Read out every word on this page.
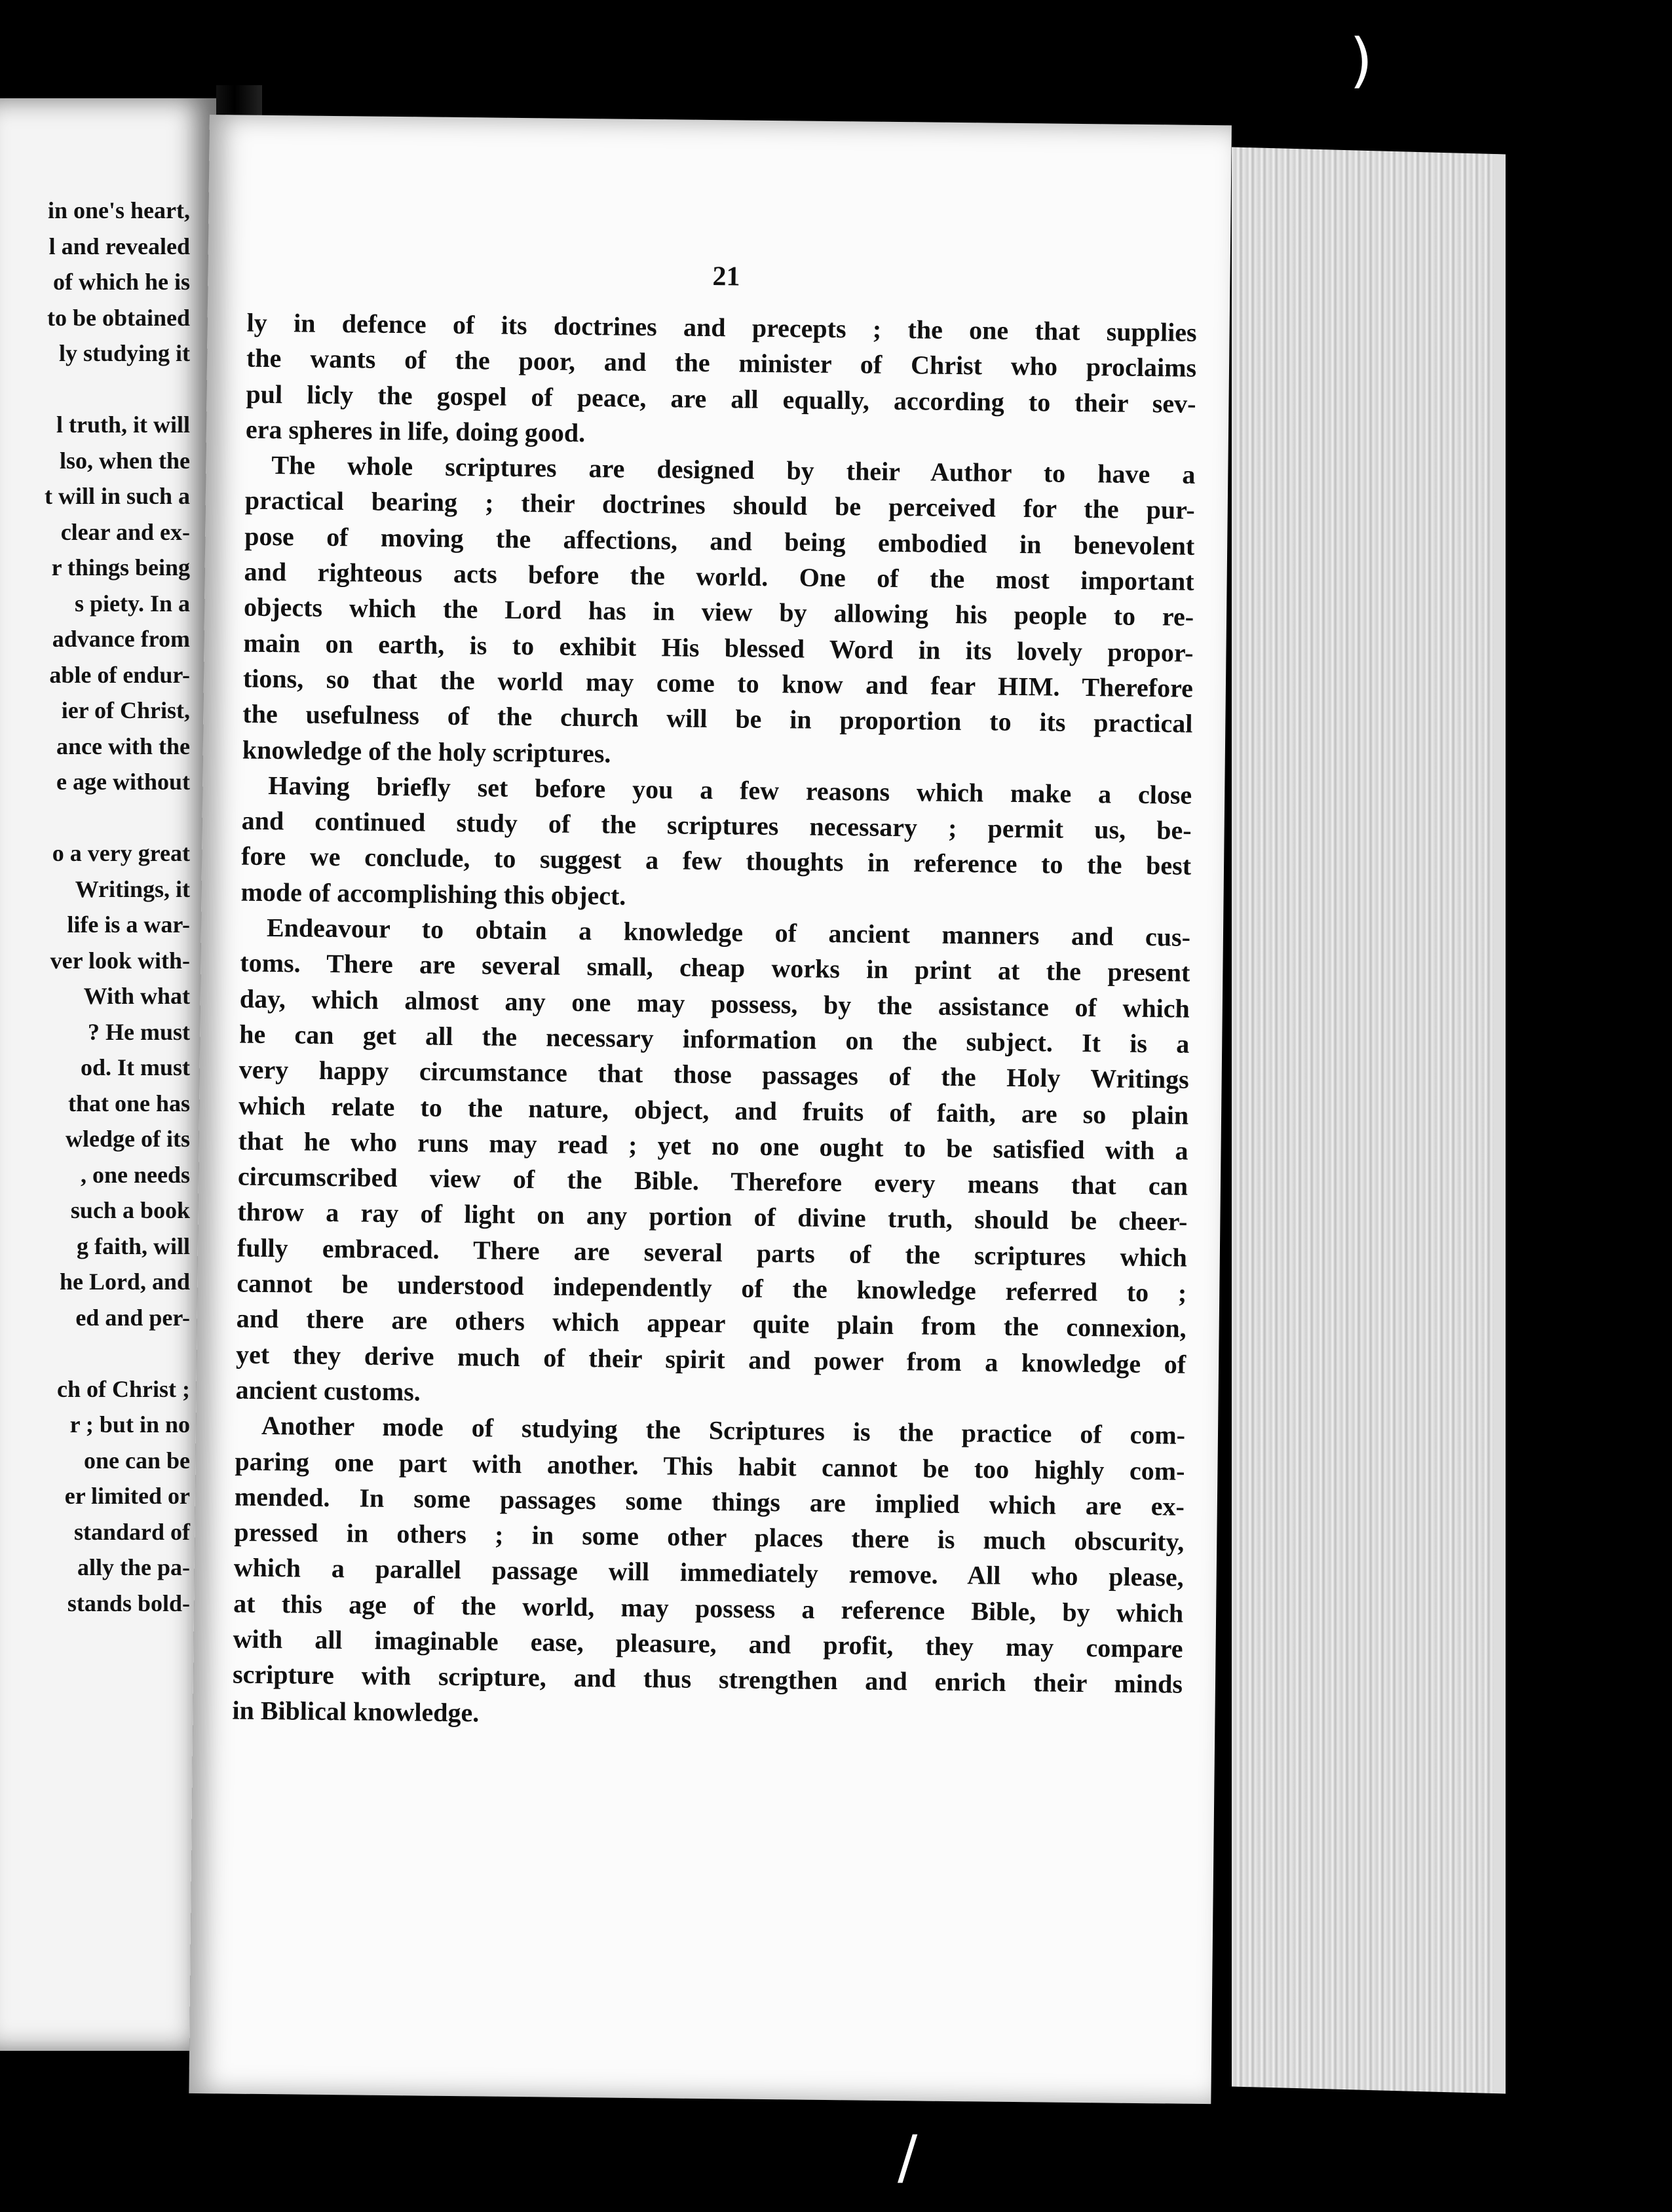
in one's heart,
l and revealed
of which he is
to be obtained
ly studying it
l truth, it will
lso, when the
t will in such a
clear and ex-
r things being
s piety. In a
advance from
able of endur-
ier of Christ,
ance with the
e age without
o a very great
Writings, it
life is a war-
ver look with-
With what
? He must
od. It must
that one has
wledge of its
, one needs
such a book
g faith, will
he Lord, and
ed and per-
ch of Christ ;
r ; but in no
one can be
er limited or
standard of
ally the pa-
stands bold-
21
ly in defence of its doctrines and precepts ; the one that supplies
the wants of the poor, and the minister of Christ who proclaims
pul licly the gospel of peace, are all equally, according to their sev-
era spheres in life, doing good.
The whole scriptures are designed by their Author to have a
practical bearing ; their doctrines should be perceived for the pur-
pose of moving the affections, and being embodied in benevolent
and righteous acts before the world. One of the most important
objects which the Lord has in view by allowing his people to re-
main on earth, is to exhibit His blessed Word in its lovely propor-
tions, so that the world may come to know and fear HIM. Therefore
the usefulness of the church will be in proportion to its practical
knowledge of the holy scriptures.
Having briefly set before you a few reasons which make a close
and continued study of the scriptures necessary ; permit us, be-
fore we conclude, to suggest a few thoughts in reference to the best
mode of accomplishing this object.
Endeavour to obtain a knowledge of ancient manners and cus-
toms. There are several small, cheap works in print at the present
day, which almost any one may possess, by the assistance of which
he can get all the necessary information on the subject. It is a
very happy circumstance that those passages of the Holy Writings
which relate to the nature, object, and fruits of faith, are so plain
that he who runs may read ; yet no one ought to be satisfied with a
circumscribed view of the Bible. Therefore every means that can
throw a ray of light on any portion of divine truth, should be cheer-
fully embraced. There are several parts of the scriptures which
cannot be understood independently of the knowledge referred to ;
and there are others which appear quite plain from the connexion,
yet they derive much of their spirit and power from a knowledge of
ancient customs.
Another mode of studying the Scriptures is the practice of com-
paring one part with another. This habit cannot be too highly com-
mended. In some passages some things are implied which are ex-
pressed in others ; in some other places there is much obscurity,
which a parallel passage will immediately remove. All who please,
at this age of the world, may possess a reference Bible, by which
with all imaginable ease, pleasure, and profit, they may compare
scripture with scripture, and thus strengthen and enrich their minds
in Biblical knowledge.
)
/
